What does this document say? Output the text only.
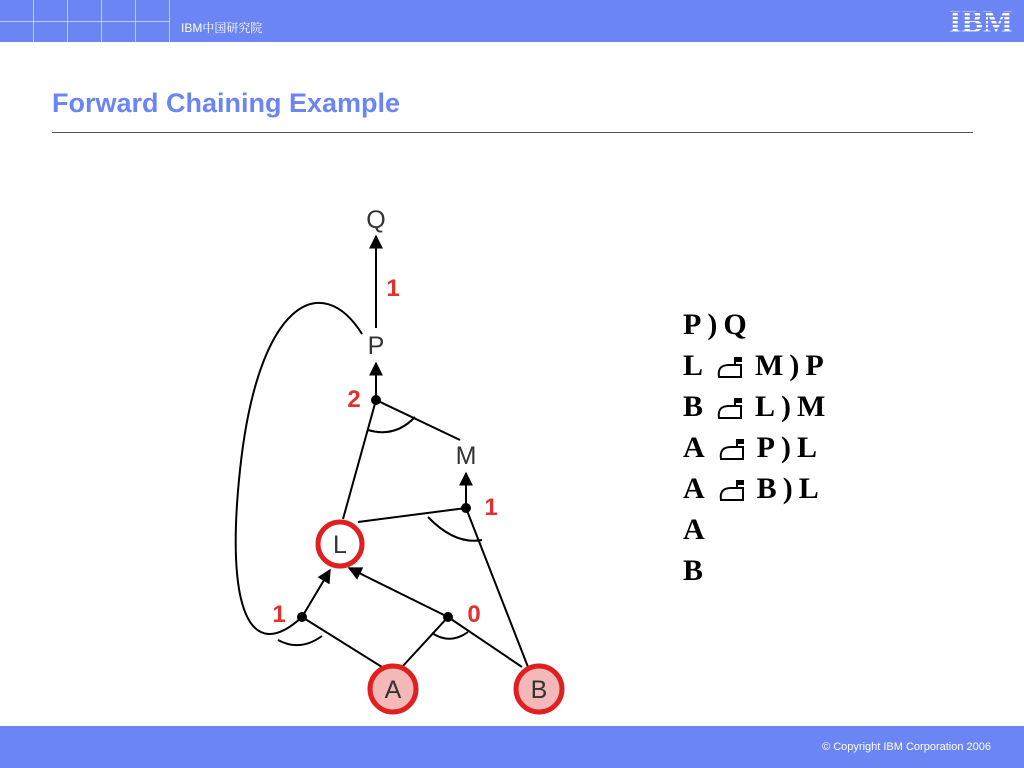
IBM中国研究院	IBM
Forward Chaining Example
Q
P
M
L
A	B
1
2
1
1	0
P ) Q
L M ) P
B L ) M
A P ) L
A B ) L
A
B
© Copyright IBM Corporation 2006
